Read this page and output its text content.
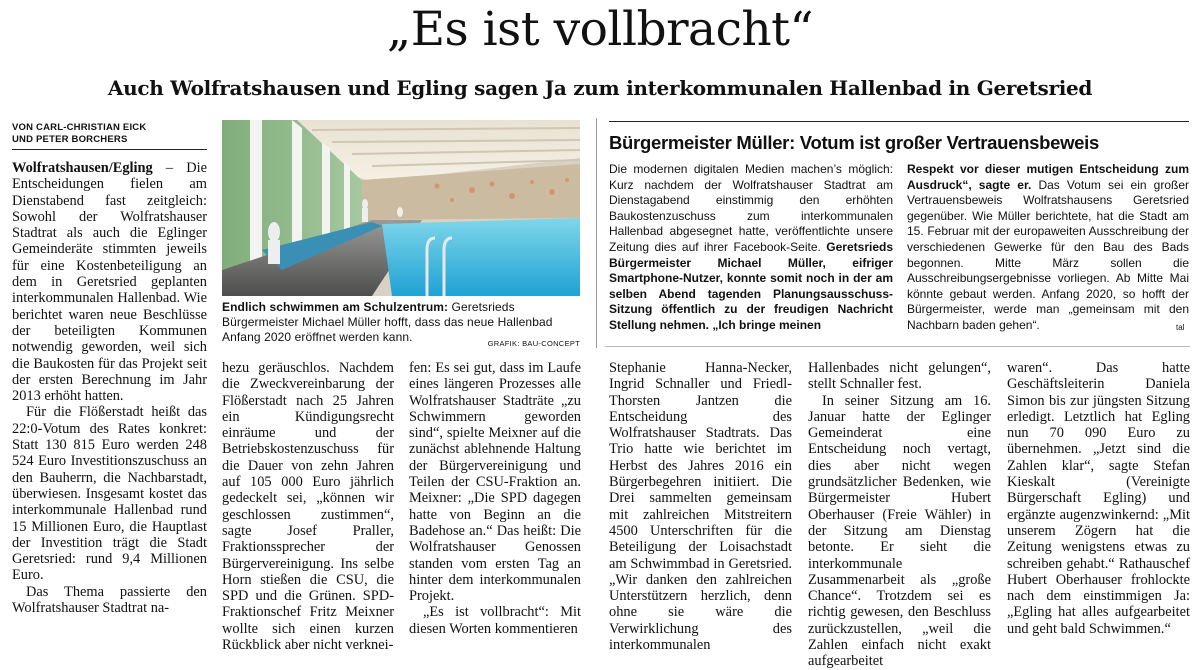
„Es ist vollbracht“
Auch Wolfratshausen und Egling sagen Ja zum interkommunalen Hallenbad in Geretsried
VON CARL-CHRISTIAN EICK
UND PETER BORCHERS

Wolfratshausen/Egling – Die Entscheidungen fielen am Dienstabend fast zeitgleich: Sowohl der Wolfratshauser Stadtrat als auch die Eglinger Gemeinderäte stimmten jeweils für eine Kostenbeteiligung an dem in Geretsried geplanten interkommunalen Hallenbad. Wie berichtet waren neue Beschlüsse der beteiligten Kommunen notwendig geworden, weil sich die Baukosten für das Projekt seit der ersten Berechnung im Jahr 2013 erhöht hatten.

Für die Flößerstadt heißt das 22:0-Votum des Rates konkret: Statt 130 815 Euro werden 248 524 Euro Investitionszuschuss an den Bauherrn, die Nachbarstadt, überwiesen. Insgesamt kostet das interkommunale Hallenbad rund 15 Millionen Euro, die Hauptlast der Investition trägt die Stadt Geretsried: rund 9,4 Millionen Euro.

Das Thema passierte den Wolfratshauser Stadtrat na-

Endlich schwimmen am Schulzentrum: Geretsrieds Bürgermeister Michael Müller hofft, dass das neue Hallenbad Anfang 2020 eröffnet werden kann.	GRAFIK: BAU-CONCEPT

hezu geräuschlos. Nachdem die Zweckvereinbarung der Flößerstadt nach 25 Jahren ein Kündigungsrecht einräume und der Betriebskostenzuschuss für die Dauer von zehn Jahren auf 105 000 Euro jährlich gedeckelt sei, „können wir geschlossen zustimmen“, sagte Josef Praller, Fraktionssprecher der Bürgervereinigung. Ins selbe Horn stießen die CSU, die SPD und die Grünen. SPD-Fraktionschef Fritz Meixner wollte sich einen kurzen Rückblick aber nicht verknei-

fen: Es sei gut, dass im Laufe eines längeren Prozesses alle Wolfratshauser Stadträte „zu Schwimmern geworden sind“, spielte Meixner auf die zunächst ablehnende Haltung der Bürgervereinigung und Teilen der CSU-Fraktion an. Meixner: „Die SPD dagegen hatte von Beginn an die Badehose an.“ Das heißt: Die Wolfratshauser Genossen standen vom ersten Tag an hinter dem interkommunalen Projekt.

„Es ist vollbracht“: Mit diesen Worten kommentieren

Bürgermeister Müller: Votum ist großer Vertrauensbeweis
Die modernen digitalen Medien machen’s möglich: Kurz nachdem der Wolfratshauser Stadtrat am Dienstagabend einstimmig den erhöhten Baukostenzuschuss zum interkommunalen Hallenbad abgesegnet hatte, veröffentlichte unsere Zeitung dies auf ihrer Facebook-Seite. Geretsrieds Bürgermeister Michael Müller, eifriger Smartphone-Nutzer, konnte somit noch in der am selben Abend tagenden Planungsausschuss-Sitzung öffentlich zu der freudigen Nachricht Stellung nehmen. „Ich bringe meinen
Respekt vor dieser mutigen Entscheidung zum Ausdruck“, sagte er. Das Votum sei ein großer Vertrauensbeweis Wolfratshausens Geretsried gegenüber. Wie Müller berichtete, hat die Stadt am 15. Februar mit der europaweiten Ausschreibung der verschiedenen Gewerke für den Bau des Bads begonnen. Mitte März sollen die Ausschreibungsergebnisse vorliegen. Ab Mitte Mai könnte gebaut werden. Anfang 2020, so hofft der Bürgermeister, werde man „gemeinsam mit den Nachbarn baden gehen“.	tal

Stephanie Hanna-Necker, Ingrid Schnaller und Friedl-Thorsten Jantzen die Entscheidung des Wolfratshauser Stadtrats. Das Trio hatte wie berichtet im Herbst des Jahres 2016 ein Bürgerbegehren initiiert. Die Drei sammelten gemeinsam mit zahlreichen Mitstreitern 4500 Unterschriften für die Beteiligung der Loisachstadt am Schwimmbad in Geretsried. „Wir danken den zahlreichen Unterstützern herzlich, denn ohne sie wäre die Verwirklichung des interkommunalen

Hallenbades nicht gelungen“, stellt Schnaller fest.

In seiner Sitzung am 16. Januar hatte der Eglinger Gemeinderat eine Entscheidung noch vertagt, dies aber nicht wegen grundsätzlicher Bedenken, wie Bürgermeister Hubert Oberhauser (Freie Wähler) in der Sitzung am Dienstag betonte. Er sieht die interkommunale Zusammenarbeit als „große Chance“. Trotzdem sei es richtig gewesen, den Beschluss zurückzustellen, „weil die Zahlen einfach nicht exakt aufgearbeitet

waren“. Das hatte Geschäftsleiterin Daniela Simon bis zur jüngsten Sitzung erledigt. Letztlich hat Egling nun 70 090 Euro zu übernehmen. „Jetzt sind die Zahlen klar“, sagte Stefan Kieskalt (Vereinigte Bürgerschaft Egling) und ergänzte augenzwinkernd: „Mit unserem Zögern hat die Zeitung wenigstens etwas zu schreiben gehabt.“ Rathauschef Hubert Oberhauser frohlockte nach dem einstimmigen Ja: „Egling hat alles aufgearbeitet und geht bald Schwimmen.“
